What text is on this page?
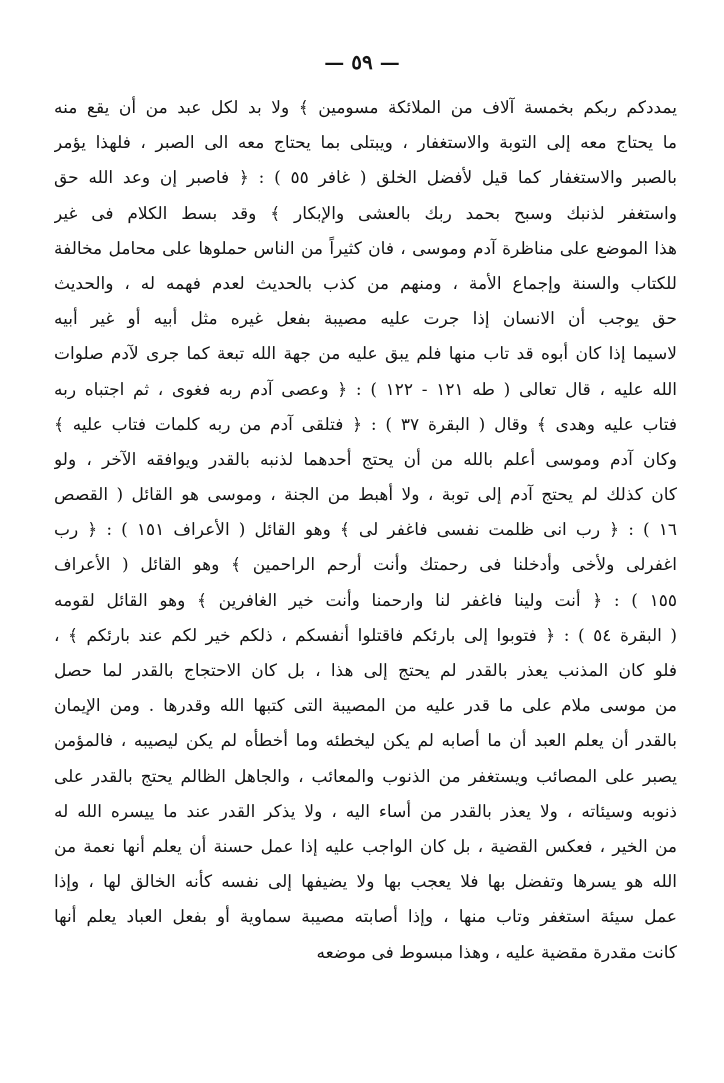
— ٥٩ —
يمددكم ربكم بخمسة آلاف من الملائكة مسومين ﴾ ولا بد لكل عبد من أن يقع منه
ما يحتاج معه إلى التوبة والاستغفار ، ويبتلى بما يحتاج معه الى الصبر ، فلهذا يؤمر
بالصبر والاستغفار كما قيل لأفضل الخلق ( غافر ٥٥ ) : ﴿ فاصبر إن وعد الله حق
واستغفر لذنبك وسبح بحمد ربك بالعشى والإبكار ﴾ وقد بسط الكلام فى غير
هذا الموضع على مناظرة آدم وموسى ، فان كثيراً من الناس حملوها على محامل مخالفة
للكتاب والسنة وإجماع الأمة ، ومنهم من كذب بالحديث لعدم فهمه له ، والحديث
حق يوجب أن الانسان إذا جرت عليه مصيبة بفعل غيره مثل أبيه أو غير أبيه
لاسيما إذا كان أبوه قد تاب منها فلم يبق عليه من جهة الله تبعة كما جرى لآدم صلوات
الله عليه ، قال تعالى ( طه ١٢١ - ١٢٢ ) : ﴿ وعصى آدم ربه فغوى ، ثم اجتباه ربه
فتاب عليه وهدى ﴾ وقال ( البقرة ٣٧ ) : ﴿ فتلقى آدم من ربه كلمات فتاب عليه ﴾
وكان آدم وموسى أعلم بالله من أن يحتج أحدهما لذنبه بالقدر ويوافقه الآخر ، ولو
كان كذلك لم يحتج آدم إلى توبة ، ولا أهبط من الجنة ، وموسى هو القائل ( القصص
١٦ ) : ﴿ رب انى ظلمت نفسى فاغفر لى ﴾ وهو القائل ( الأعراف ١٥١ ) : ﴿ رب
اغفرلى ولأخى وأدخلنا فى رحمتك وأنت أرحم الراحمين ﴾ وهو القائل ( الأعراف
١٥٥ ) : ﴿ أنت ولينا فاغفر لنا وارحمنا وأنت خير الغافرين ﴾ وهو القائل لقومه
( البقرة ٥٤ ) : ﴿ فتوبوا إلى بارئكم فاقتلوا أنفسكم ، ذلكم خير لكم عند بارئكم ﴾ ،
فلو كان المذنب يعذر بالقدر لم يحتج إلى هذا ، بل كان الاحتجاج بالقدر لما حصل
من موسى ملام على ما قدر عليه من المصيبة التى كتبها الله وقدرها . ومن الإيمان
بالقدر أن يعلم العبد أن ما أصابه لم يكن ليخطئه وما أخطأه لم يكن ليصيبه ، فالمؤمن
يصبر على المصائب ويستغفر من الذنوب والمعائب ، والجاهل الظالم يحتج بالقدر على
ذنوبه وسيئاته ، ولا يعذر بالقدر من أساء اليه ، ولا يذكر القدر عند ما ييسره الله له
من الخير ، فعكس القضية ، بل كان الواجب عليه إذا عمل حسنة أن يعلم أنها نعمة من
الله هو يسرها وتفضل بها فلا يعجب بها ولا يضيفها إلى نفسه كأنه الخالق لها ، وإذا
عمل سيئة استغفر وتاب منها ، وإذا أصابته مصيبة سماوية أو بفعل العباد يعلم أنها
كانت مقدرة مقضية عليه ، وهذا مبسوط فى موضعه
